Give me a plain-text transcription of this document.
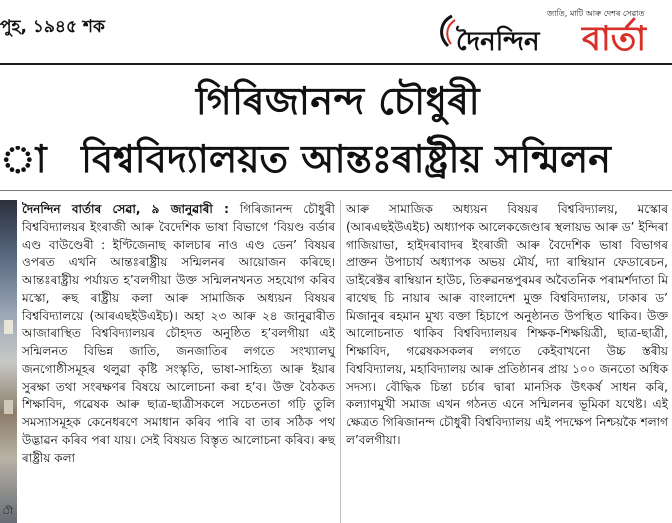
পুহ, ১৯৪৫ শক
জাতি, মাটি আৰু দেশৰ সেৱাত
দৈনন্দিন বাৰ্তা
া
গিৰিজানন্দ চৌধুৰী
বিশ্ববিদ্যালয়ত আন্তঃৰাষ্ট্ৰীয় সন্মিলন
ী

দৈনন্দিন বাৰ্তাৰ সেৱা, ৯ জানুৱাৰী : গিৰিজানন্দ চৌধুৰী বিশ্ববিদ্যালয়ৰ ইংৰাজী আৰু বৈদেশিক ভাষা বিভাগে ‘বিয়ণ্ড বৰ্ডাৰ এণ্ড বাউণ্ডেৰী : ইণ্টিজেনাছ কালচাৰ নাও এণ্ড ডেন’ বিষয়ৰ ওপৰত এখনি আন্তঃৰাষ্ট্ৰীয় সন্মিলনৰ আয়োজন কৰিছে। আন্তঃৰাষ্ট্ৰীয় পৰ্যায়ত হ’বলগীয়া উক্ত সন্মিলনখনত সহযোগ কৰিব মস্কো, ৰুছ ৰাষ্ট্ৰীয় কলা আৰু সামাজিক অধ্যয়ন বিষয়ৰ বিশ্ববিদ্যালয়ে (আৰএছইউএইচ)। অহা ২৩ আৰু ২৪ জানুৱাৰীত আজাৰাস্থিত বিশ্ববিদ্যালয়ৰ চৌহদত অনুষ্ঠিত হ’বলগীয়া এই সন্মিলনত বিভিন্ন জাতি, জনজাতিৰ লগতে সংখ্যালঘু জনগোষ্ঠীসমূহৰ থলুৱা কৃষ্টি সংস্কৃতি, ভাষা-সাহিত্য আৰু ইয়াৰ সুৰক্ষা তথা সংৰক্ষণৰ বিষয়ে আলোচনা কৰা হ’ব। উক্ত বৈঠকত শিক্ষাবিদ, গৱেষক আৰু ছাত্ৰ-ছাত্ৰীসকলে সচেতনতা গঢ়ি তুলি সমস্যাসমূহক কেনেধৰণে সমাধান কৰিব পাৰি বা তাৰ সঠিক পথ উদ্ভাৱন কৰিব পৰা যায়। সেই বিষয়ত বিস্তৃত আলোচনা কৰিব। ৰুছ ৰাষ্ট্ৰীয় কলা

আৰু সামাজিক অধ্যয়ন বিষয়ৰ বিশ্ববিদ্যালয়, মস্কোৰ (আৰএছইউএইচ) অধ্যাপক আলেকজেণ্ডাৰ স্থলায়ভ আৰু ড’ ইন্দিৰা গাজিয়াভা, হাইদৰাবাদৰ ইংৰাজী আৰু বৈদেশিক ভাষা বিভাগৰ প্ৰাক্তন উপাচাৰ্য অধ্যাপক অভয় মৌৰ্য, দ্যা ৰাম্বিয়ান ফেডাৰেচন, ডাইৰেক্টৰ ৰাম্বিয়ান হাউচ, তিৰুৱনন্তপুৰমৰ অবৈতনিক পৰামৰ্শদাতা মি ৰাথেছ চি নায়াৰ আৰু বাংলাদেশ মুক্ত বিশ্ববিদ্যালয়, ঢাকাৰ ড’ মিজানুৰ ৰহমান মুখ্য বক্তা হিচাপে অনুষ্ঠানত উপস্থিত থাকিব। উক্ত আলোচনাত থাকিব বিশ্ববিদ্যালয়ৰ শিক্ষক-শিক্ষয়িত্ৰী, ছাত্ৰ-ছাত্ৰী, শিক্ষাবিদ, গৱেষকসকলৰ লগতে কেইবাখনো উচ্চ স্তৰীয় বিশ্ববিদ্যালয়, মহাবিদ্যালয় আৰু প্ৰতিষ্ঠানৰ প্ৰায় ১০০ জনতো অধিক সদস্য। বৌদ্ধিক চিন্তা চৰ্চাৰ দ্বাৰা মানসিক উৎকৰ্ষ সাধন কৰি, কল্যাণমুখী সমাজ এখন গঠনত এনে সন্মিলনৰ ভূমিকা যথেষ্ট। এই ক্ষেত্ৰত গিৰিজানন্দ চৌধুৰী বিশ্ববিদ্যালয় এই পদক্ষেপ নিশ্চয়কৈ শলাগ ল’বলগীয়া।
